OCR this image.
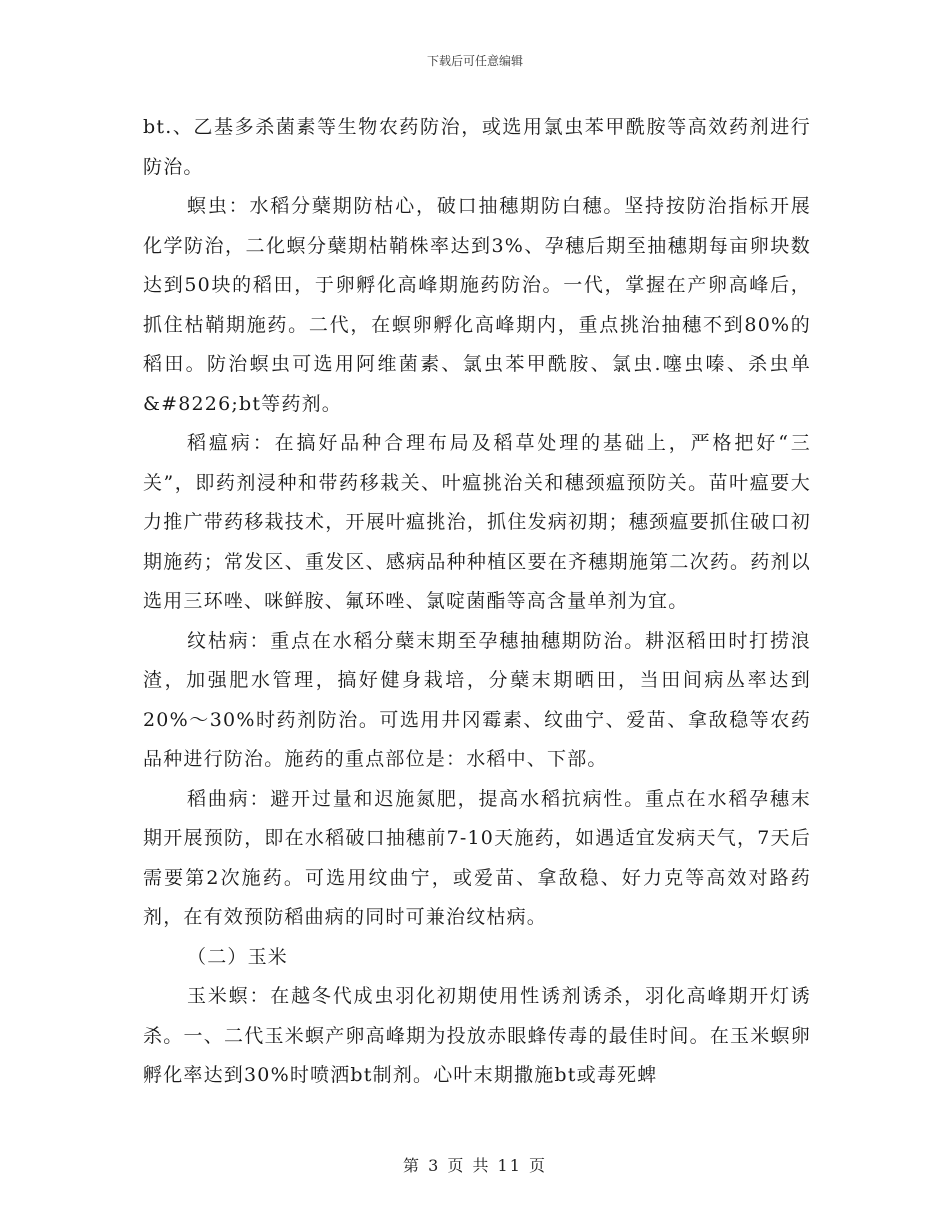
下载后可任意编辑

bt.、乙基多杀菌素等生物农药防治，或选用氯虫苯甲酰胺等高效药剂进行防治。

螟虫：水稻分蘖期防枯心，破口抽穗期防白穗。坚持按防治指标开展化学防治，二化螟分蘖期枯鞘株率达到3%、孕穗后期至抽穗期每亩卵块数达到50块的稻田，于卵孵化高峰期施药防治。一代，掌握在产卵高峰后，抓住枯鞘期施药。二代，在螟卵孵化高峰期内，重点挑治抽穗不到80%的稻田。防治螟虫可选用阿维菌素、氯虫苯甲酰胺、氯虫.噻虫嗪、杀虫单&#8226;bt等药剂。

稻瘟病：在搞好品种合理布局及稻草处理的基础上，严格把好“三关”，即药剂浸种和带药移栽关、叶瘟挑治关和穗颈瘟预防关。苗叶瘟要大力推广带药移栽技术，开展叶瘟挑治，抓住发病初期；穗颈瘟要抓住破口初期施药；常发区、重发区、感病品种种植区要在齐穗期施第二次药。药剂以选用三环唑、咪鲜胺、氟环唑、氯啶菌酯等高含量单剂为宜。

纹枯病：重点在水稻分蘖末期至孕穗抽穗期防治。耕沤稻田时打捞浪渣，加强肥水管理，搞好健身栽培，分蘖末期晒田，当田间病丛率达到20%～30%时药剂防治。可选用井冈霉素、纹曲宁、爱苗、拿敌稳等农药品种进行防治。施药的重点部位是：水稻中、下部。

稻曲病：避开过量和迟施氮肥，提高水稻抗病性。重点在水稻孕穗末期开展预防，即在水稻破口抽穗前7-10天施药，如遇适宜发病天气，7天后需要第2次施药。可选用纹曲宁，或爱苗、拿敌稳、好力克等高效对路药剂，在有效预防稻曲病的同时可兼治纹枯病。

（二）玉米

玉米螟：在越冬代成虫羽化初期使用性诱剂诱杀，羽化高峰期开灯诱杀。一、二代玉米螟产卵高峰期为投放赤眼蜂传毒的最佳时间。在玉米螟卵孵化率达到30%时喷洒bt制剂。心叶末期撒施bt或毒死蜱

第 3 页 共 11 页
